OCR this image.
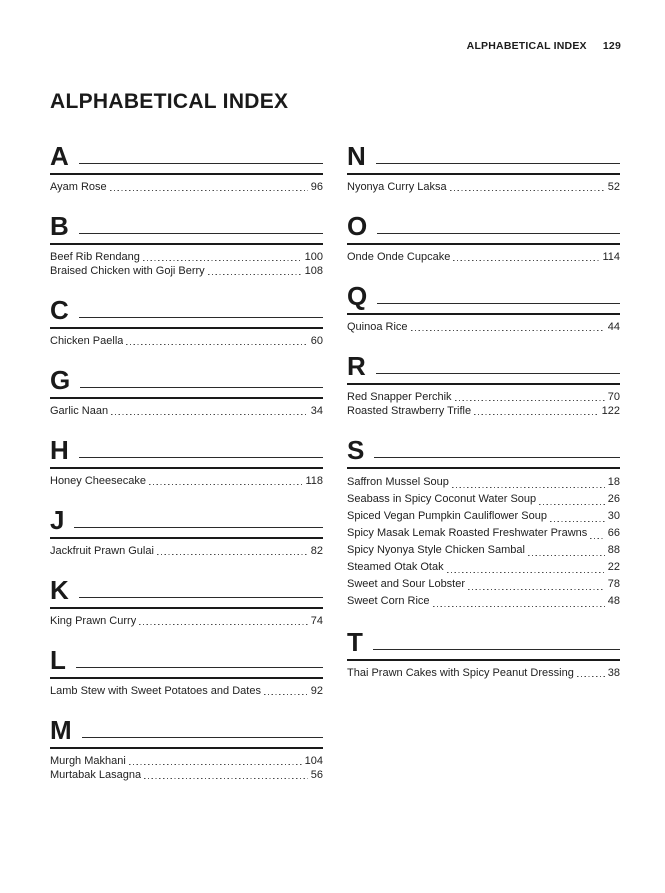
ALPHABETICAL INDEX 129
ALPHABETICAL INDEX
A
Ayam Rose	96
B
Beef Rib Rendang	100
Braised Chicken with Goji Berry	108
C
Chicken Paella	60
G
Garlic Naan	34
H
Honey Cheesecake	118
J
Jackfruit Prawn Gulai	82
K
King Prawn Curry	74
L
Lamb Stew with Sweet Potatoes and Dates	92
M
Murgh Makhani	104
Murtabak Lasagna	56
N
Nyonya Curry Laksa	52
O
Onde Onde Cupcake	114
Q
Quinoa Rice	44
R
Red Snapper Perchik	70
Roasted Strawberry Trifle	122
S
Saffron Mussel Soup	18
Seabass in Spicy Coconut Water Soup	26
Spiced Vegan Pumpkin Cauliflower Soup	30
Spicy Masak Lemak Roasted Freshwater Prawns 66
Spicy Nyonya Style Chicken Sambal	88
Steamed Otak Otak	22
Sweet and Sour Lobster	78
Sweet Corn Rice	48
T
Thai Prawn Cakes with Spicy Peanut Dressing	38
